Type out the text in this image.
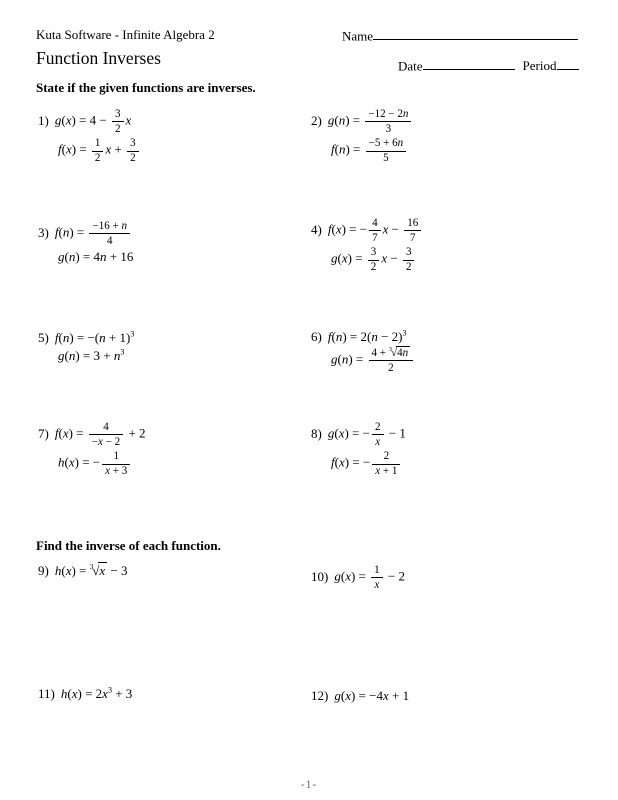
Kuta Software - Infinite Algebra 2	Name
Function Inverses	Date	Period
State if the given functions are inverses.
1) $g(x) = 4 - \frac{3}{2}$ x
$f(x) = \frac{1}{2}$ $x + \frac{3}{2}$
2) $g(n) = \frac{-12 - 2n}{3}$
$f(n) = \frac{-5 + 6n}{5}$
3) $f(n) = \frac{-16 + n}{4}$
g(n) = 4n + 16
4) f(x) = − $\frac{4}{7}$ $x - \frac{16}{7}$
$g(x) = \frac{3}{2}$ $x - \frac{3}{2}$
5) $f(n) = -(n + 1)^3$
$g(n) = 3 + n^3$
6) $f(n) = 2(n - 2)^3$
$g(n) = \frac{4 + ^3√4n}{2}$
7) $f(x) = \frac{4}{-x - 2} + 2$
h(x) = − $\frac{1}{x + 3}$
8) g(x) = − $\frac{2}{x} - 1$
f(x) = − $\frac{2}{x + 1}$
Find the inverse of each function.
9) h(x) = $^3$√x − 3	10) $g(x) = \frac{1}{x} - 2$
11) $h(x) = 2x^3 + 3$	12) g(x) = −4x + 1
-1-
